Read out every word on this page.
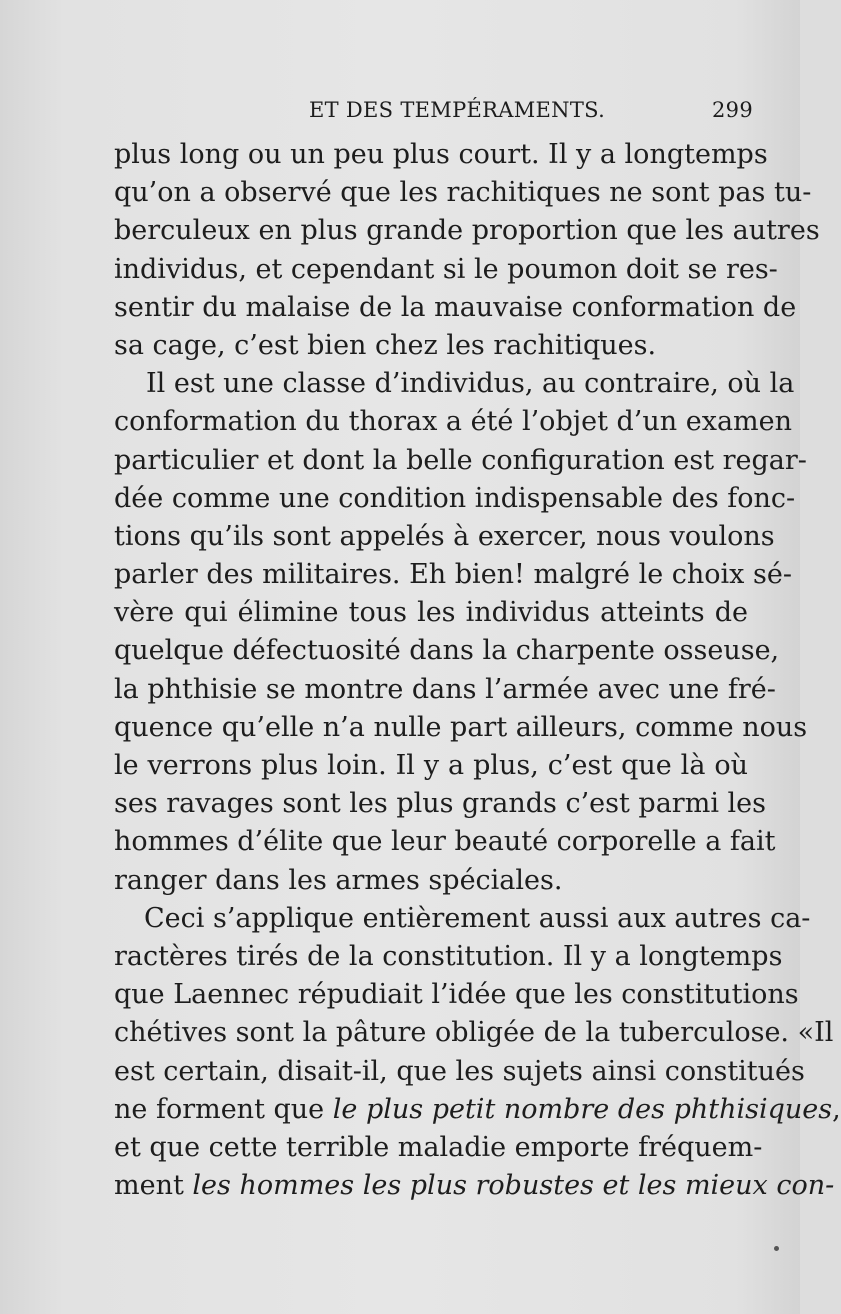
ET DES TEMPÉRAMENTS.	299
plus long ou un peu plus court. Il y a longtemps
qu’on a observé que les rachitiques ne sont pas tu-
berculeux en plus grande proportion que les autres
individus, et cependant si le poumon doit se res-
sentir du malaise de la mauvaise conformation de
sa cage, c’est bien chez les rachitiques.
Il est une classe d’individus, au contraire, où la
conformation du thorax a été l’objet d’un examen
particulier et dont la belle configuration est regar-
dée comme une condition indispensable des fonc-
tions qu’ils sont appelés à exercer, nous voulons
parler des militaires. Eh bien! malgré le choix sé-
vère qui élimine tous les individus atteints de
quelque défectuosité dans la charpente osseuse,
la phthisie se montre dans l’armée avec une fré-
quence qu’elle n’a nulle part ailleurs, comme nous
le verrons plus loin. Il y a plus, c’est que là où
ses ravages sont les plus grands c’est parmi les
hommes d’élite que leur beauté corporelle a fait
ranger dans les armes spéciales.
Ceci s’applique entièrement aussi aux autres ca-
ractères tirés de la constitution. Il y a longtemps
que Laennec répudiait l’idée que les constitutions
chétives sont la pâture obligée de la tuberculose. «Il
est certain, disait-il, que les sujets ainsi constitués
ne forment que le plus petit nombre des phthisiques,
et que cette terrible maladie emporte fréquem-
ment les hommes les plus robustes et les mieux con-
